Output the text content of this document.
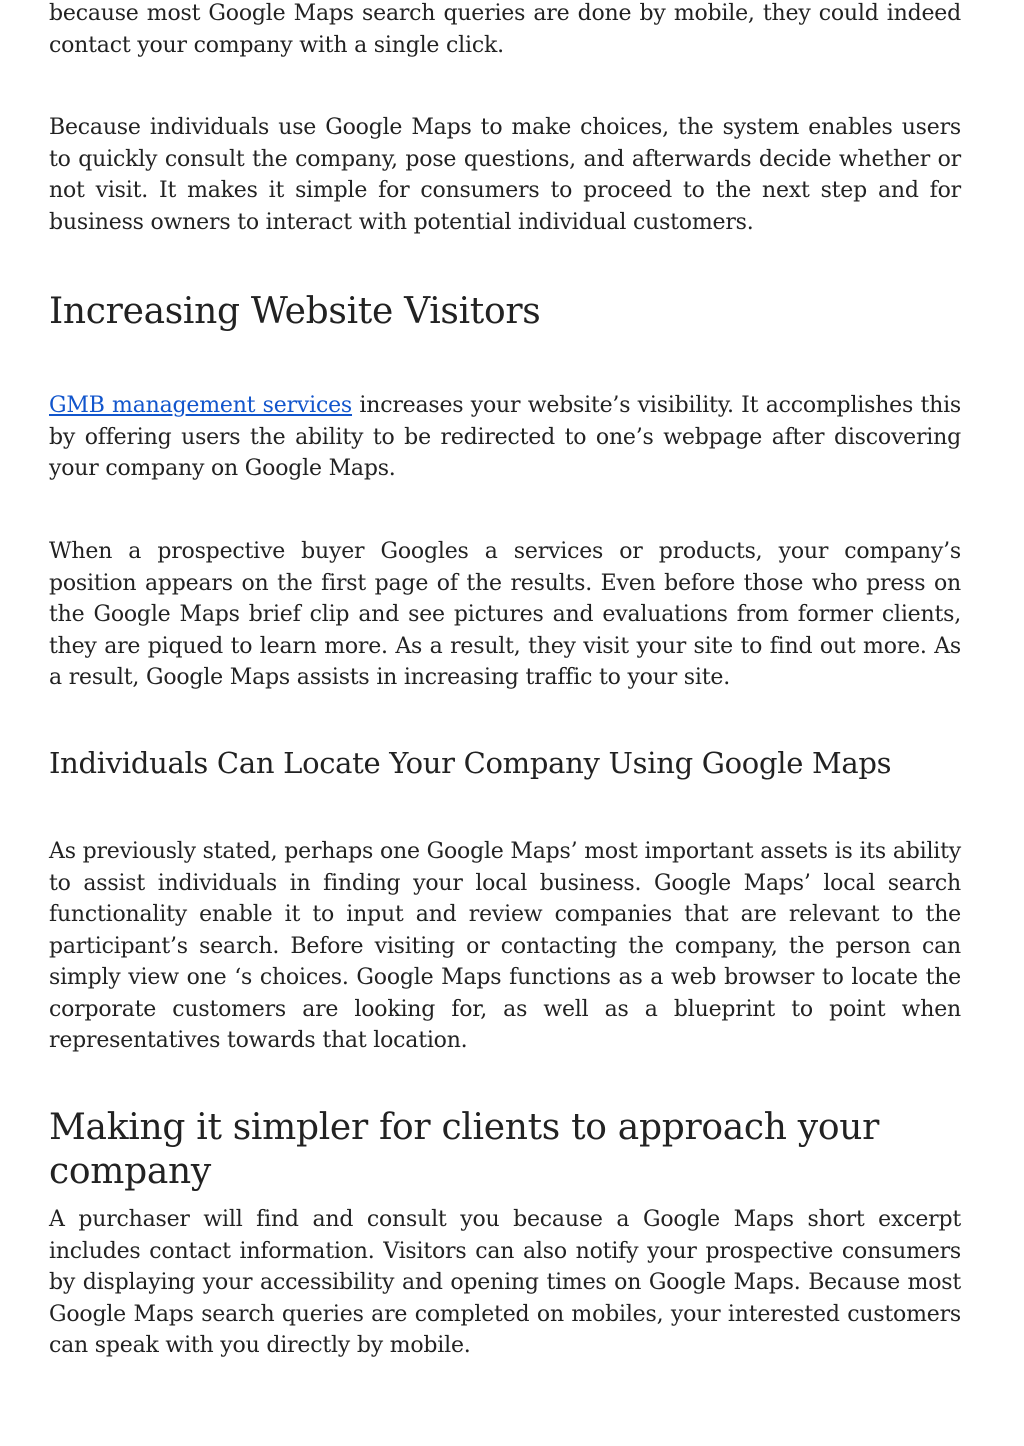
because most Google Maps search queries are done by mobile, they could indeed contact your company with a single click.

Because individuals use Google Maps to make choices, the system enables users to quickly consult the company, pose questions, and afterwards decide whether or not visit. It makes it simple for consumers to proceed to the next step and for business owners to interact with potential individual customers.

Increasing Website Visitors

GMB management services increases your website’s visibility. It accomplishes this by offering users the ability to be redirected to one’s webpage after discovering your company on Google Maps.

When a prospective buyer Googles a services or products, your company’s position appears on the first page of the results. Even before those who press on the Google Maps brief clip and see pictures and evaluations from former clients, they are piqued to learn more. As a result, they visit your site to find out more. As a result, Google Maps assists in increasing traffic to your site.

Individuals Can Locate Your Company Using Google Maps

As previously stated, perhaps one Google Maps’ most important assets is its ability to assist individuals in finding your local business. Google Maps’ local search functionality enable it to input and review companies that are relevant to the participant’s search. Before visiting or contacting the company, the person can simply view one ‘s choices. Google Maps functions as a web browser to locate the corporate customers are looking for, as well as a blueprint to point when representatives towards that location.

Making it simpler for clients to approach your company

A purchaser will find and consult you because a Google Maps short excerpt includes contact information. Visitors can also notify your prospective consumers by displaying your accessibility and opening times on Google Maps. Because most Google Maps search queries are completed on mobiles, your interested customers can speak with you directly by mobile.
